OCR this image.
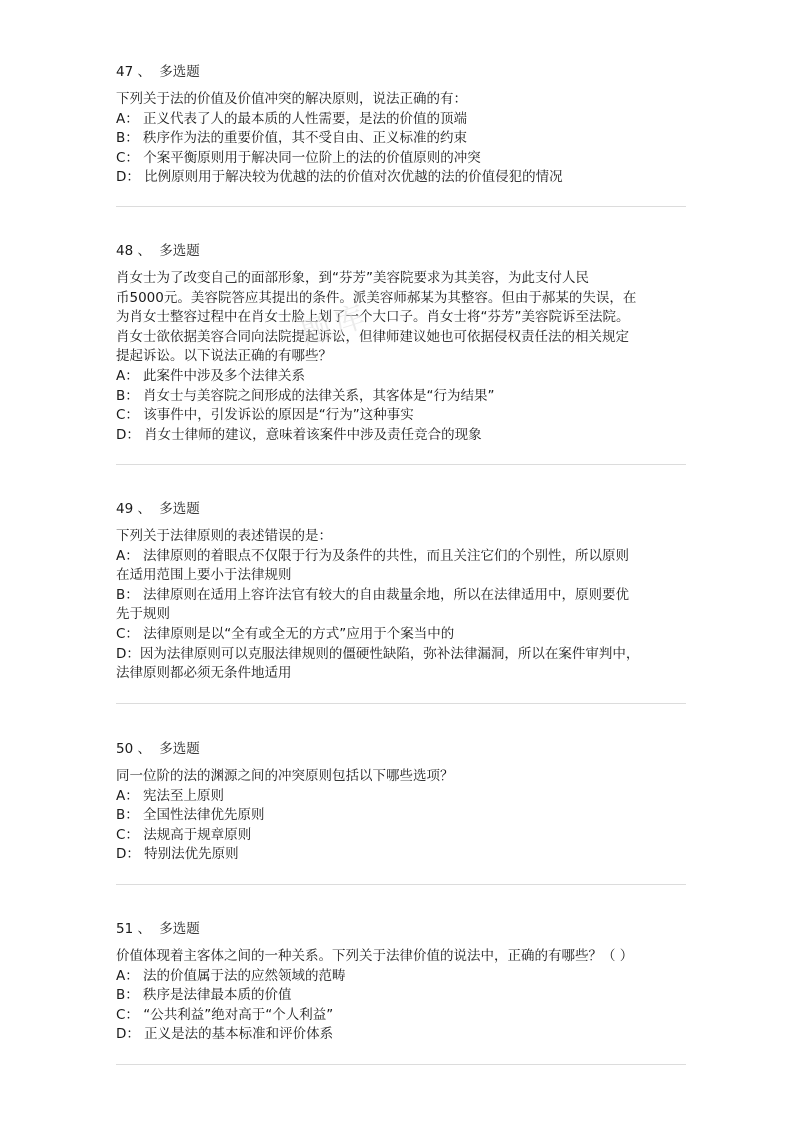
47 、 多选题
下列关于法的价值及价值冲突的解决原则，说法正确的有：
A： 正义代表了人的最本质的人性需要，是法的价值的顶端
B： 秩序作为法的重要价值，其不受自由、正义标准的约束
C： 个案平衡原则用于解决同一位阶上的法的价值原则的冲突
D： 比例原则用于解决较为优越的法的价值对次优越的法的价值侵犯的情况
48 、 多选题
肖女士为了改变自己的面部形象，到“芬芳”美容院要求为其美容，为此支付人民
币5000元。美容院答应其提出的条件。派美容师郝某为其整容。但由于郝某的失误，在
为肖女士整容过程中在肖女士脸上划了一个大口子。肖女士将“芬芳”美容院诉至法院。
肖女士欲依据美容合同向法院提起诉讼，但律师建议她也可依据侵权责任法的相关规定
提起诉讼。以下说法正确的有哪些？
A： 此案件中涉及多个法律关系
B： 肖女士与美容院之间形成的法律关系，其客体是“行为结果”
C： 该事件中，引发诉讼的原因是“行为”这种事实
D： 肖女士律师的建议，意味着该案件中涉及责任竞合的现象
49 、 多选题
下列关于法律原则的表述错误的是：
A： 法律原则的着眼点不仅限于行为及条件的共性，而且关注它们的个别性，所以原则
在适用范围上要小于法律规则
B： 法律原则在适用上容许法官有较大的自由裁量余地，所以在法律适用中，原则要优
先于规则
C： 法律原则是以“全有或全无的方式”应用于个案当中的
D：因为法律原则可以克服法律规则的僵硬性缺陷，弥补法律漏洞，所以在案件审判中，
法律原则都必须无条件地适用
50 、 多选题
同一位阶的法的渊源之间的冲突原则包括以下哪些选项？
A： 宪法至上原则
B： 全国性法律优先原则
C： 法规高于规章原则
D： 特别法优先原则
51 、 多选题
价值体现着主客体之间的一种关系。下列关于法律价值的说法中，正确的有哪些？（ ）
A： 法的价值属于法的应然领域的范畴
B： 秩序是法律最本质的价值
C： “公共利益”绝对高于“个人利益”
D： 正义是法的基本标准和评价体系
题库
